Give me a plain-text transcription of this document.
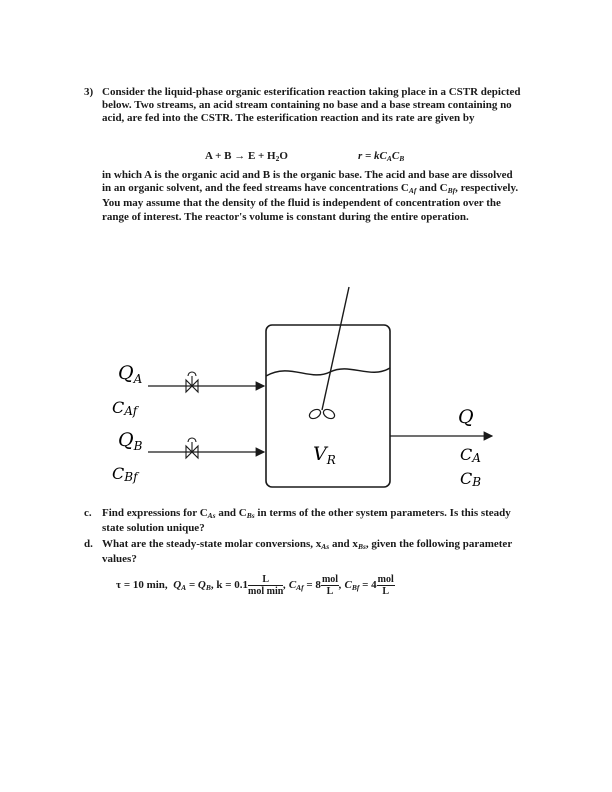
3) Consider the liquid-phase organic esterification reaction taking place in a CSTR depicted below. Two streams, an acid stream containing no base and a base stream containing no acid, are fed into the CSTR. The esterification reaction and its rate are given by

A + B → E + H2O	$r = kC_AC_B$

in which A is the organic acid and B is the organic base. The acid and base are dissolved in an organic solvent, and the feed streams have concentrations $C_{Af}$ and $C_{Bf}$, respectively. You may assume that the density of the fluid is independent of concentration over the range of interest. The reactor's volume is constant during the entire operation.

$Q_A$
CAf
$Q_B$
CBf
$V_R$
Q
CA
CB
c. Find expressions for $C_{As}$ and $C_{Bs}$ in terms of the other system parameters. Is this steady state solution unique?
d. What are the steady-state molar conversions, $x_{As}$ and $x_{Bs}$, given the following parameter values?
τ = 10 min, $Q_A = Q_B$, $k = 0.1 \frac{L}{\text{mol min}}$ , $C_{Af} = 8 \frac{\text{mol}}{L}$ , $C_{Bf} = 4 \frac{\text{mol}}{L}$
